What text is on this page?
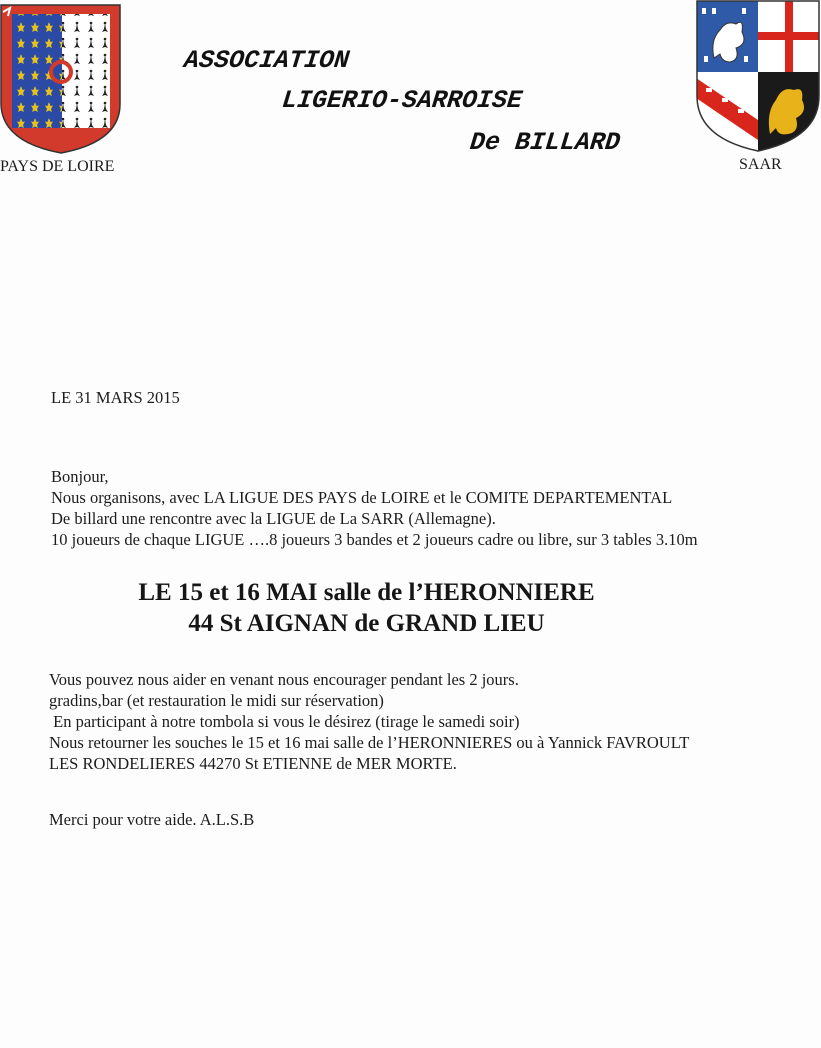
PAYS DE LOIRE	SAAR
ASSOCIATION
LIGERIO-SARROISE
De BILLARD
LE 31 MARS 2015
Bonjour,
Nous organisons, avec LA LIGUE DES PAYS de LOIRE et le COMITE DEPARTEMENTAL
De billard une rencontre avec la LIGUE de La SARR (Allemagne).
10 joueurs de chaque LIGUE ….8 joueurs 3 bandes et 2 joueurs cadre ou libre, sur 3 tables 3.10m
LE 15 et 16 MAI salle de l’HERONNIERE
44 St AIGNAN de GRAND LIEU
Vous pouvez nous aider en venant nous encourager pendant les 2 jours.
gradins,bar (et restauration le midi sur réservation)
En participant à notre tombola si vous le désirez (tirage le samedi soir)
Nous retourner les souches le 15 et 16 mai salle de l’HERONNIERES ou à Yannick FAVROULT
LES RONDELIERES 44270 St ETIENNE de MER MORTE.
Merci pour votre aide. A.L.S.B
